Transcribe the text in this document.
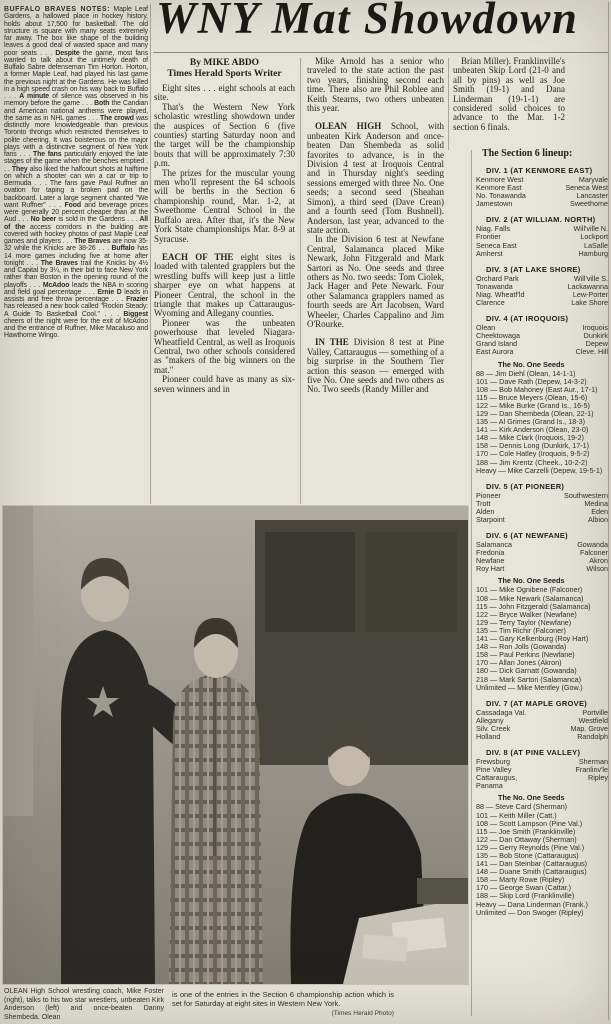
BUFFALO BRAVES NOTES: Maple Leaf Gardens, a hallowed place in hockey history, holds about 17,500 for basketball. The old structure is square with many seats extremely far away. The box like shape of the building leaves a good deal of wasted space and many poor seats . . . Despite the game, most fans wanted to talk about the untimely death of Buffalo Sabre defenseman Tim Horton. Horton, a former Maple Leaf, had played his last game the previous night at the Gardens. He was killed in a high speed crash on his way back to Buffalo . . . A minute of silence was observed in his memory before the game . . . Both the Candian and American national anthems were played, the same as in NHL games . . . The crowd was distinctly more knowledgeable than previous Toronto throngs which restricted themselves to polite cheering. It was boisterous on the major plays with a distinctive segment of New York fans . . . The fans particularly enjoyed the late stages of the game when the benches emptied . . . They also liked the halfcourt shots at halftime on which a shooter can win a car or trip to Bermuda . . . The fans gave Paul Ruffner an ovation for taping a broken pad on the backboard. Later a large segment chanted "We want Ruffner" . . . Food and beverage prices were generally 20 percent cheaper than at the Aud . . . No beer is sold in the Gardens . . . All of the access corridors in the building are covered with hockey photos of past Maple Leaf games and players . . . The Braves are now 35-32 while the Knicks are 38-26 . . . Buffalo has 14 more games including five at home after tonight . . . The Braves trail the Knicks by 4½ and Capital by 3¼, in their bid to face New York rather than Boston in the opening round of the playoffs . . . McAdoo leads the NBA in scoring and field goal percentage . . . Ernie D leads in assists and free throw percentage . . . Frazier has released a new book called "Rockin Steady: A Guide To Basketball Cool." . . . Biggest cheers of the night were for the exit of McAdoo and the entrance of Ruffner, Mike Macaluso and Hawthorne Wingo.
WNY Mat Showdown
By MIKE ABDO
Times Herald Sports Writer

Eight sites . . . eight schools at each site.

That's the Western New York scholastic wrestling showdown under the auspices of Section 6 (five counties) starting Saturday noon and the target will be the championship bouts that will be approximately 7:30 p.m.

The prizes for the muscular young men who'll represent the 64 schools will be berths in the Section 6 championship round, Mar. 1-2, at Sweethome Central School in the Buffalo area. After that, it's the New York State championships Mar. 8-9 at Syracuse.

EACH OF THE eight sites is loaded with talented grapplers but the wrestling buffs will keep just a little sharper eye on what happens at Pioneer Central, the school in the triangle that makes up Cattaraugus-Wyoming and Allegany counties.

Pioneer was the unbeaten powerhouse that leveled Niagara-Wheatfield Central, as well as Iroquois Central, two other schools considered as "makers of the big winners on the mat."

Pioneer could have as many as six-seven winners and in

Mike Arnold has a senior who traveled to the state action the past two years, finishing second each time. There also are Phil Roblee and Keith Stearns, two others unbeaten this year.

OLEAN HIGH School, with unbeaten Kirk Anderson and once-beaten Dan Shembeda as solid favorites to advance, is in the Division 4 test at Iroquois Central and in Thursday night's seeding sessions emerged with three No. One seeds; a second seed (Sheahan Simon), a third seed (Dave Crean) and a fourth seed (Tom Bushnell). Anderson, last year, advanced to the state action.

In the Division 6 test at Newfane Central, Salamanca placed Mike Newark, John Fitzgerald and Mark Sartori as No. One seeds and three others as No. two seeds: Tom Ciolek, Jack Hager and Pete Newark. Four other Salamanca grapplers named as fourth seeds are Art Jacobsen, Ward Wheeler, Charles Cappalino and Jim O'Rourke.

IN THE Division 8 test at Pine Valley, Cattaraugus — something of a big surprise in the Southern Tier action this season — emerged with five No. One seeds and two others as No. Two seeds (Randy Miller and

Brian Miller). Franklinville's unbeaten Skip Lord (21-0 and all by pins) as well as Joe Smith (19-1) and Dana Linderman (19-1-1) are considered solid choices to advance to the Mar. 1-2 section 6 finals.

The Section 6 lineup:
DIV. 1 (AT KENMORE EAST)
Kenmore West	Maryvale
Kenmore East	Seneca West
No. Tonawanda	Lancaster
Jamestown	Sweethome
DIV. 2 (AT WILLIAM. NORTH)
Niag. Falls	Will'ville N.
Frontier	Lockport
Seneca East	LaSalle
Amherst	Hamburg
DIV. 3 (AT LAKE SHORE)
Orchard Park	Will'ville S.
Tonawanda	Lackawanna
Niag. Wheatf'ld	Lew-Porter
Clarence	Lake Shore
DIV. 4 (AT IROQUOIS)
Olean	Iroquois
Cheektowaga	Dunkirk
Grand Island	Depew
East Aurora	Cleve. Hill
The No. One Seeds
88 — Jim Diehl (Olean, 14-1-1)
101 — Dave Rath (Depew, 14-3-2)
108 — Bob Mahoney (East Aur., 17-1)
115 — Bruce Meyers (Olean, 15-6)
122 — Mike Burke (Grand Is., 16-5)
129 — Dan Shembeda (Olean, 22-1)
135 — Al Grimes (Grand Is., 18-3)
141 — Kirk Anderson (Olean, 23-0)
148 — Mike Clark (Iroquois, 19-2)
158 — Dennis Long (Dunkirk, 17-1)
170 — Cole Hatley (Iroquois, 9-5-2)
188 — Jim Krentz (Cheek., 10-2-2)
Heavy — Mike Carzelli (Depew, 19-5-1)
DIV. 5 (AT PIONEER)
Pioneer	Southwestern
Trott	Medina
Alden	Eden
Starpoint	Albion
DIV. 6 (AT NEWFANE)
Salamanca	Gowanda
Fredonia	Falconer
Newfane	Akron
Roy Hart	Wilson
The No. One Seeds
101 — Mike Ognibene (Falconer)
108 — Mike Newark (Salamanca)
115 — John Fitzgerald (Salamanca)
122 — Bryce Walker (Newfane)
129 — Terry Taylor (Newfane)
135 — Tim Richir (Falconer)
141 — Gary Kelkenburg (Roy Hart)
148 — Ron Jolls (Gowanda)
158 — Paul Perkins (Newfane)
170 — Allan Jones (Akron)
180 — Dick Garnatt (Gowanda)
218 — Mark Sartori (Salamanca)
Unlimited — Mike Mentley (Gow.)
DIV. 7 (AT MAPLE GROVE)
Cassadaga Val.	Portville
Allegany	Westfield
Silv. Creek	Map. Grove
Holland	Randolph
DIV. 8 (AT PINE VALLEY)
Frewsburg	Sherman
Pine Valley	Franlinv'le
Cattaraugus,	Ripley
Panama
The No. One Seeds
88 — Steve Card (Sherman)
101 — Keith Miller (Catt.)
108 — Scott Lampson (Pine Val.)
115 — Joe Smith (Franklinville)
122 — Dan Ottaway (Sherman)
129 — Gerry Reynolds (Pine Val.)
135 — Bob Stone (Cattaraugus)
141 — Dan Steinbar (Cattaraugus)
148 — Duane Smith (Cattaraugus)
158 — Marty Rowe (Ripley)
170 — George Swan (Cattar.)
188 — Skip Lord (Franklinville)
Heavy — Dana Linderman (Frank.)
Unlimited — Don Swoger (Ripley)
OLEAN High School wrestling coach, Mike Foster (right), talks to his two star wrestlers, unbeaten Kirk Anderson (left) and once-beaten Danny Shembeda. Olean
is one of the entries in the Section 6 championship action which is set for Saturday at eight sites in Western New York.
(Times Herald Photo)
